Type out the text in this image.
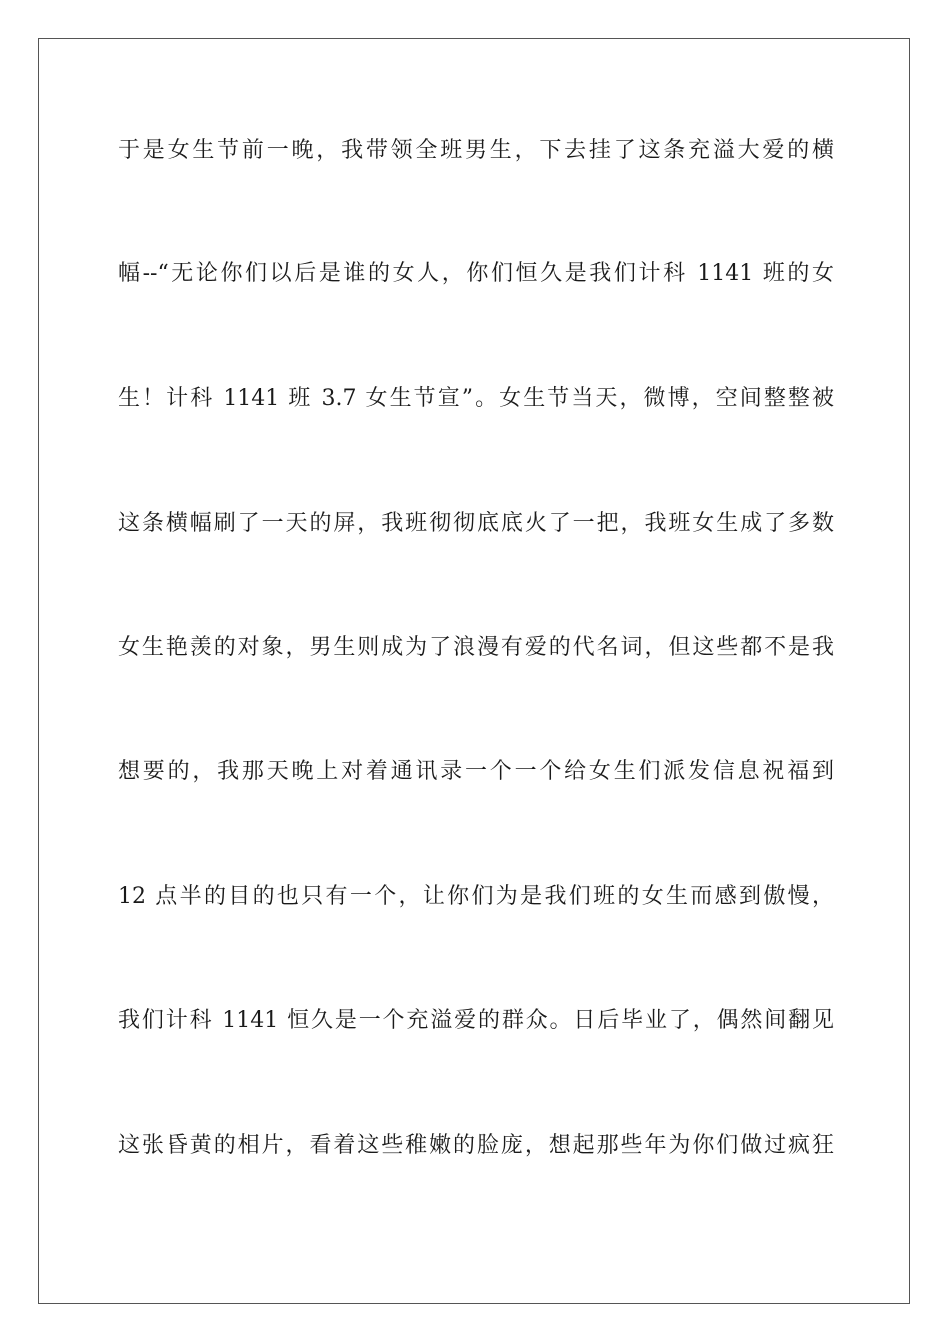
于是女生节前一晚，我带领全班男生，下去挂了这条充溢大爱的横
幅--“无论你们以后是谁的女人，你们恒久是我们计科 1141 班的女
生！计科 1141 班 3.7 女生节宣”。女生节当天，微博，空间整整被
这条横幅刷了一天的屏，我班彻彻底底火了一把，我班女生成了多数
女生艳羡的对象，男生则成为了浪漫有爱的代名词，但这些都不是我
想要的，我那天晚上对着通讯录一个一个给女生们派发信息祝福到
12 点半的目的也只有一个，让你们为是我们班的女生而感到傲慢，
我们计科 1141 恒久是一个充溢爱的群众。日后毕业了，偶然间翻见
这张昏黄的相片，看着这些稚嫩的脸庞，想起那些年为你们做过疯狂
